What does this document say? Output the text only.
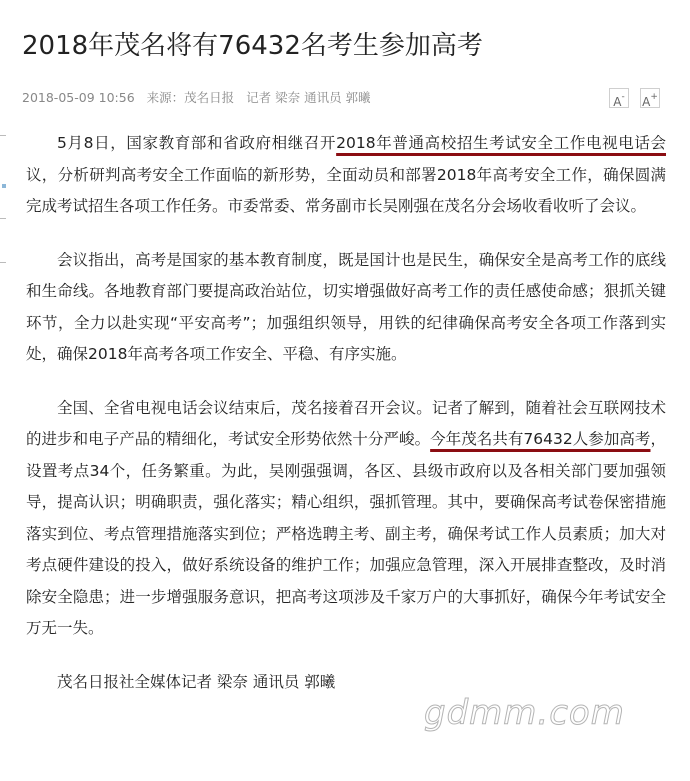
2018年茂名将有76432名考生参加高考
2018-05-09 10:56 来源：茂名日报 记者 梁奈 通讯员 郭曦	A-	A+

5月8日，国家教育部和省政府相继召开2018年普通高校招生考试安全工作电视电话会议，分析研判高考安全工作面临的新形势，全面动员和部署2018年高考安全工作，确保圆满完成考试招生各项工作任务。市委常委、常务副市长吴刚强在茂名分会场收看收听了会议。

会议指出，高考是国家的基本教育制度，既是国计也是民生，确保安全是高考工作的底线和生命线。各地教育部门要提高政治站位，切实增强做好高考工作的责任感使命感；狠抓关键环节，全力以赴实现“平安高考”；加强组织领导，用铁的纪律确保高考安全各项工作落到实处，确保2018年高考各项工作安全、平稳、有序实施。

全国、全省电视电话会议结束后，茂名接着召开会议。记者了解到，随着社会互联网技术的进步和电子产品的精细化，考试安全形势依然十分严峻。今年茂名共有76432人参加高考，设置考点34个，任务繁重。为此，吴刚强强调，各区、县级市政府以及各相关部门要加强领导，提高认识；明确职责，强化落实；精心组织，强抓管理。其中，要确保高考试卷保密措施落实到位、考点管理措施落实到位；严格选聘主考、副主考，确保考试工作人员素质；加大对考点硬件建设的投入，做好系统设备的维护工作；加强应急管理，深入开展排查整改，及时消除安全隐患；进一步增强服务意识，把高考这项涉及千家万户的大事抓好，确保今年考试安全万无一失。

茂名日报社全媒体记者 梁奈 通讯员 郭曦

gdmm.com
